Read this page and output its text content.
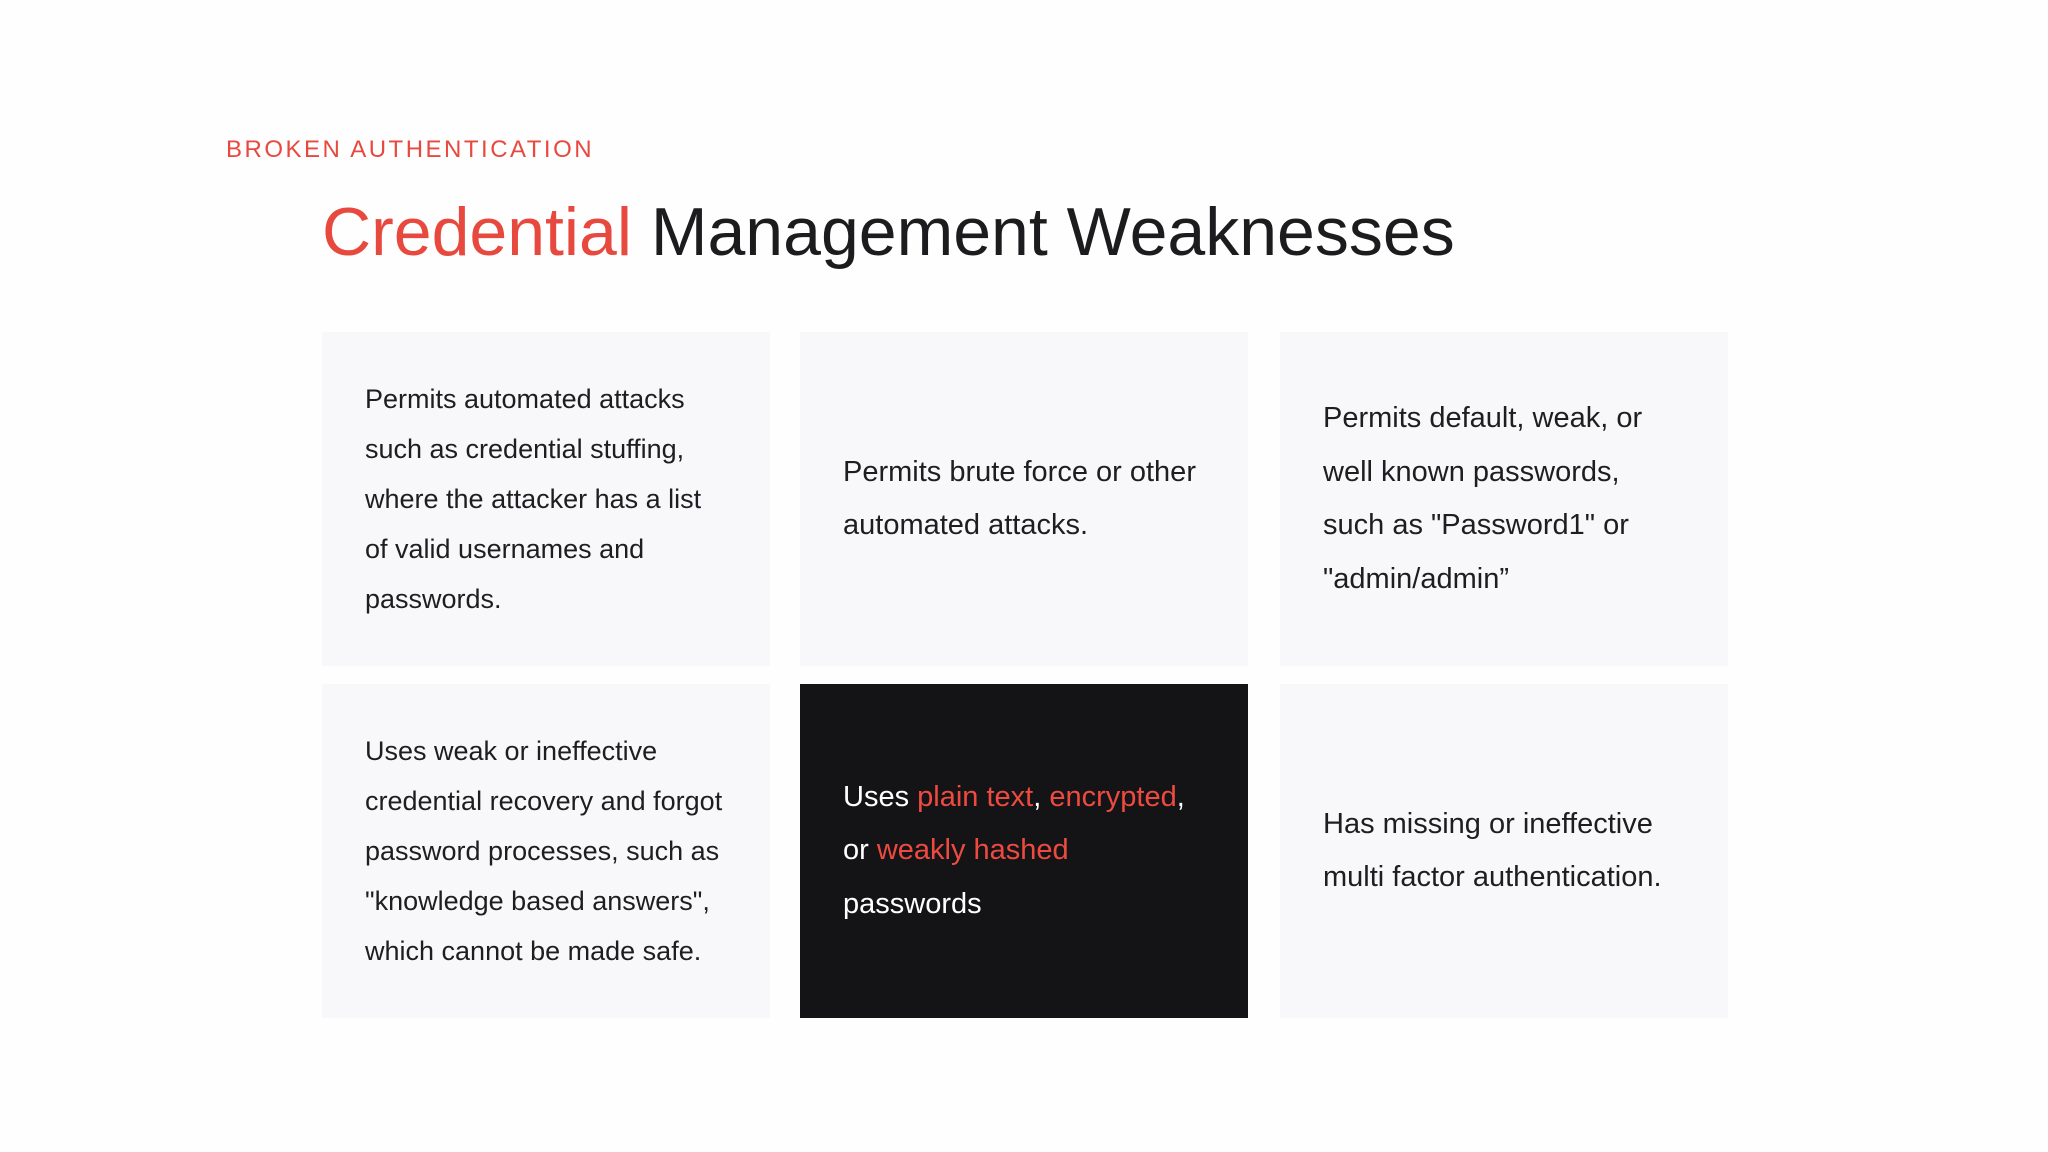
BROKEN AUTHENTICATION
Credential Management Weaknesses
Permits automated attacks such as credential stuffing, where the attacker has a list of valid usernames and passwords.
Permits brute force or other automated attacks.
Permits default, weak, or well known passwords, such as "Password1" or "admin/admin”
Uses weak or ineffective credential recovery and forgot password processes, such as "knowledge based answers", which cannot be made safe.
Uses plain text, encrypted, or weakly hashed passwords
Has missing or ineffective multi factor authentication.
